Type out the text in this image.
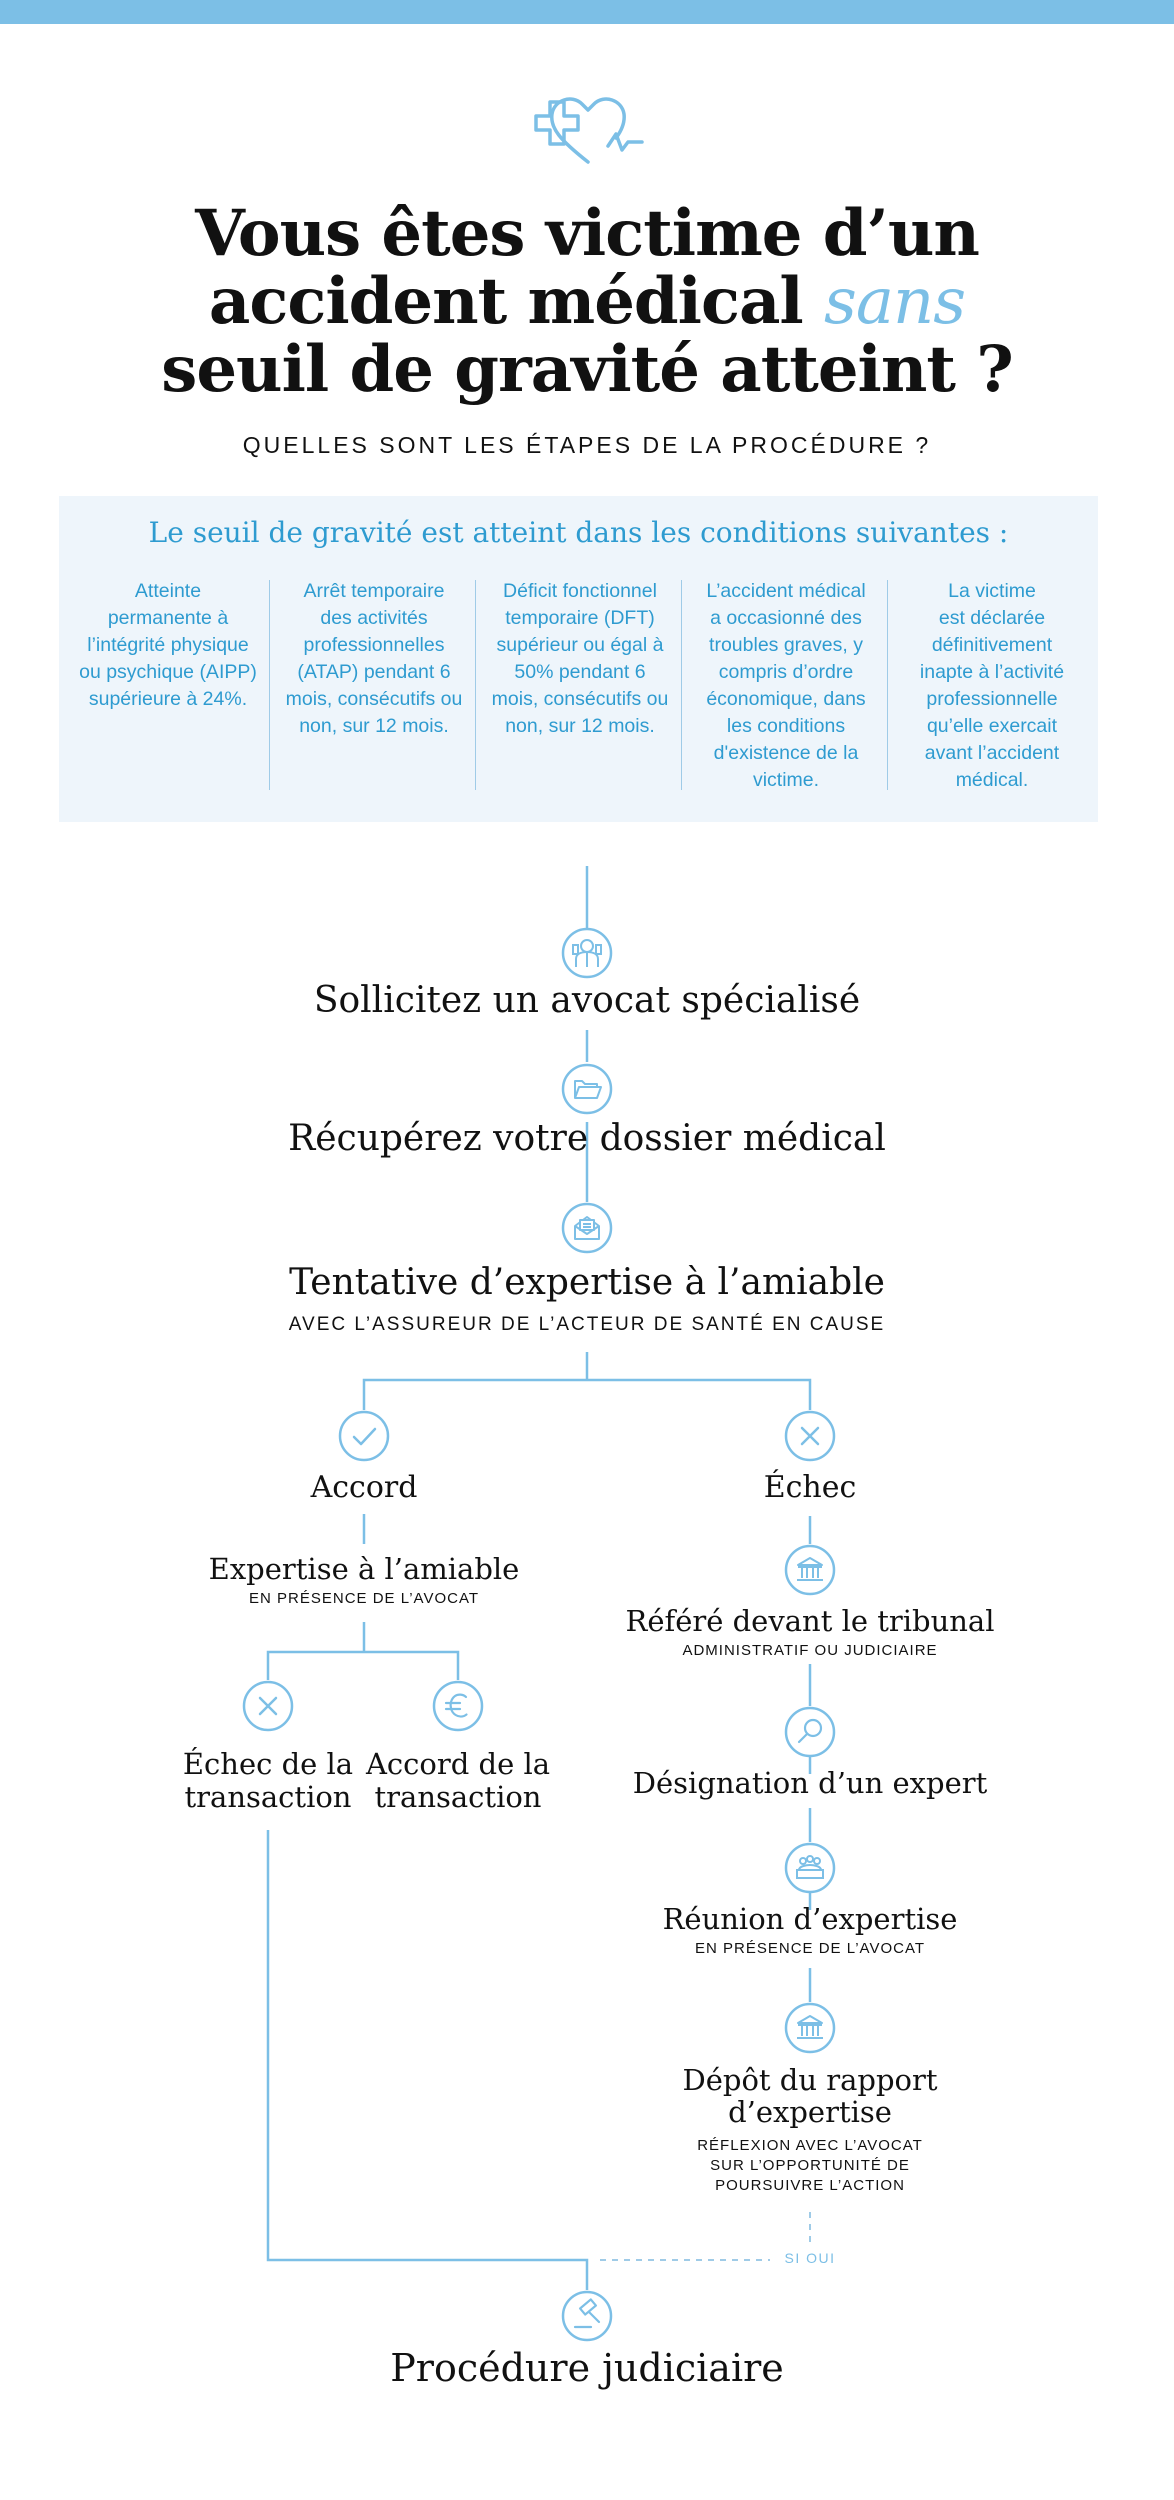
Vous êtes victime d’un
accident médical sans
seuil de gravité atteint ?
QUELLES SONT LES ÉTAPES DE LA PROCÉDURE ?
Le seuil de gravité est atteint dans les conditions suivantes :
Atteinte
permanente à
l’intégrité physique
ou psychique (AIPP)
supérieure à 24%.
Arrêt temporaire
des activités
professionnelles
(ATAP) pendant 6
mois, consécutifs ou
non, sur 12 mois.
Déficit fonctionnel
temporaire (DFT)
supérieur ou égal à
50% pendant 6
mois, consécutifs ou
non, sur 12 mois.
L’accident médical
a occasionné des
troubles graves, y
compris d’ordre
économique, dans
les conditions
d'existence de la
victime.
La victime
est déclarée
définitivement
inapte à l’activité
professionnelle
qu’elle exercait
avant l’accident
médical.
Sollicitez un avocat spécialisé
Récupérez votre dossier médical
Tentative d’expertise à l’amiable
AVEC L’ASSUREUR DE L’ACTEUR DE SANTÉ EN CAUSE
Accord
Expertise à l’amiable
EN PRÉSENCE DE L’AVOCAT
Échec de la
transaction
Accord de la
transaction
Échec
Référé devant le tribunal
ADMINISTRATIF OU JUDICIAIRE
Désignation d’un expert
Réunion d’expertise
EN PRÉSENCE DE L’AVOCAT
Dépôt du rapport
d’expertise
RÉFLEXION AVEC L’AVOCAT
SUR L’OPPORTUNITÉ DE
POURSUIVRE L’ACTION
SI OUI
Procédure judiciaire
